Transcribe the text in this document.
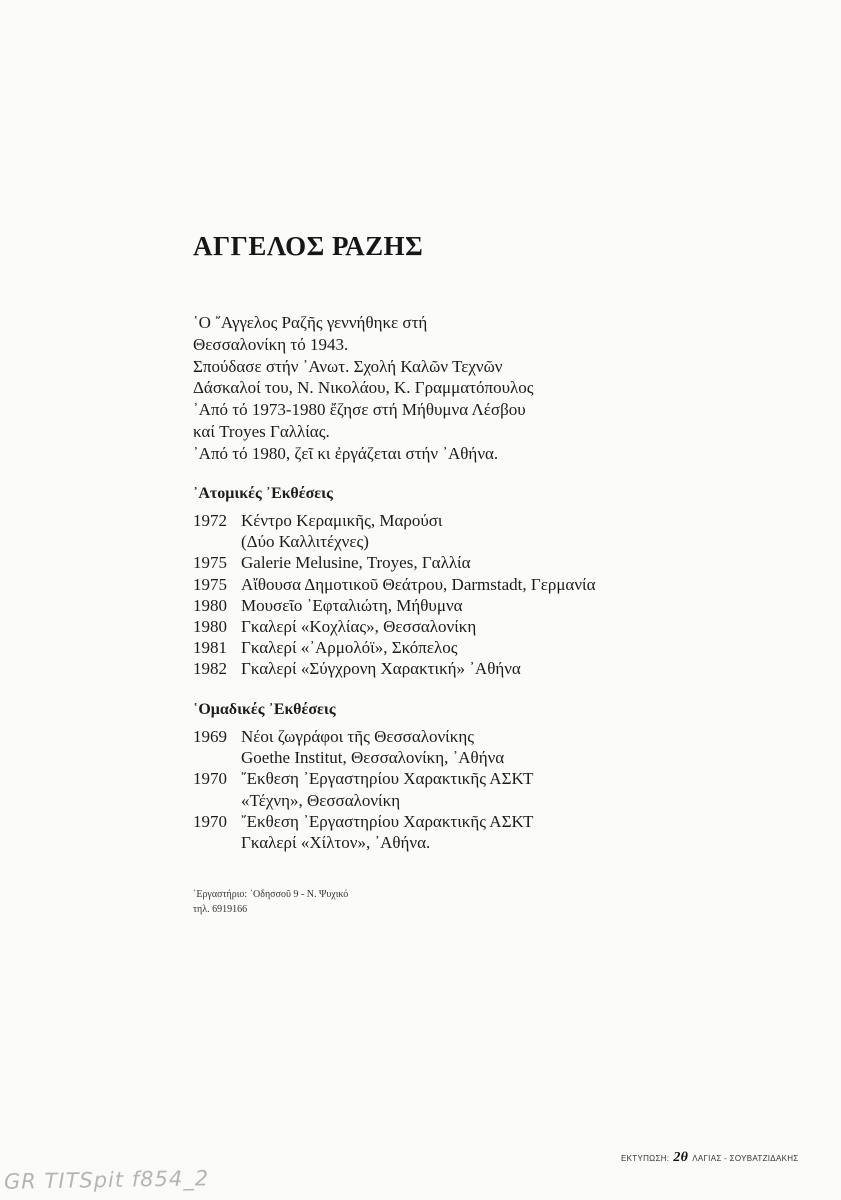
ΑΓΓΕΛΟΣ ΡΑΖΗΣ
῾Ο ῎Αγγελος Ραζῆς γεννήθηκε στή
Θεσσαλονίκη τό 1943.
Σπούδασε στήν ᾿Ανωτ. Σχολή Καλῶν Τεχνῶν
Δάσκαλοί του, Ν. Νικολάου, Κ. Γραμματόπουλος
᾿Από τό 1973-1980 ἔζησε στή Μήθυμνα Λέσβου
καί Troyes Γαλλίας.
᾿Από τό 1980, ζεῖ κι ἐργάζεται στήν ᾿Αθήνα.
᾿Ατομικές ᾿Εκθέσεις
1972 Κέντρο Κεραμικῆς, Μαρούσι
(Δύο Καλλιτέχνες)
1975 Galerie Melusine, Troyes, Γαλλία
1975 Αἴθουσα Δημοτικοῦ Θεάτρου, Darmstadt, Γερμανία
1980 Μουσεῖο ᾿Εφταλιώτη, Μήθυμνα
1980 Γκαλερί «Κοχλίας», Θεσσαλονίκη
1981 Γκαλερί «᾿Αρμολόϊ», Σκόπελος
1982 Γκαλερί «Σύγχρονη Χαρακτική» ᾿Αθήνα
῾Ομαδικές ᾿Εκθέσεις
1969 Νέοι ζωγράφοι τῆς Θεσσαλονίκης
Goethe Institut, Θεσσαλονίκη, ᾿Αθήνα
1970 ῎Εκθεση ᾿Εργαστηρίου Χαρακτικῆς ΑΣΚΤ
«Τέχνη», Θεσσαλονίκη
1970 ῎Εκθεση ᾿Εργαστηρίου Χαρακτικῆς ΑΣΚΤ
Γκαλερί «Χίλτον», ᾿Αθήνα.
᾿Εργαστήριο: ᾿Οδησσοῦ 9 - Ν. Ψυχικό
τηλ. 6919166
ΕΚΤΥΠΩΣΗ: 2θ ΛΑΓΙΑΣ - ΣΟΥΒΑΤΖΙΔΑΚΗΣ
GR TITSpit f854_2
